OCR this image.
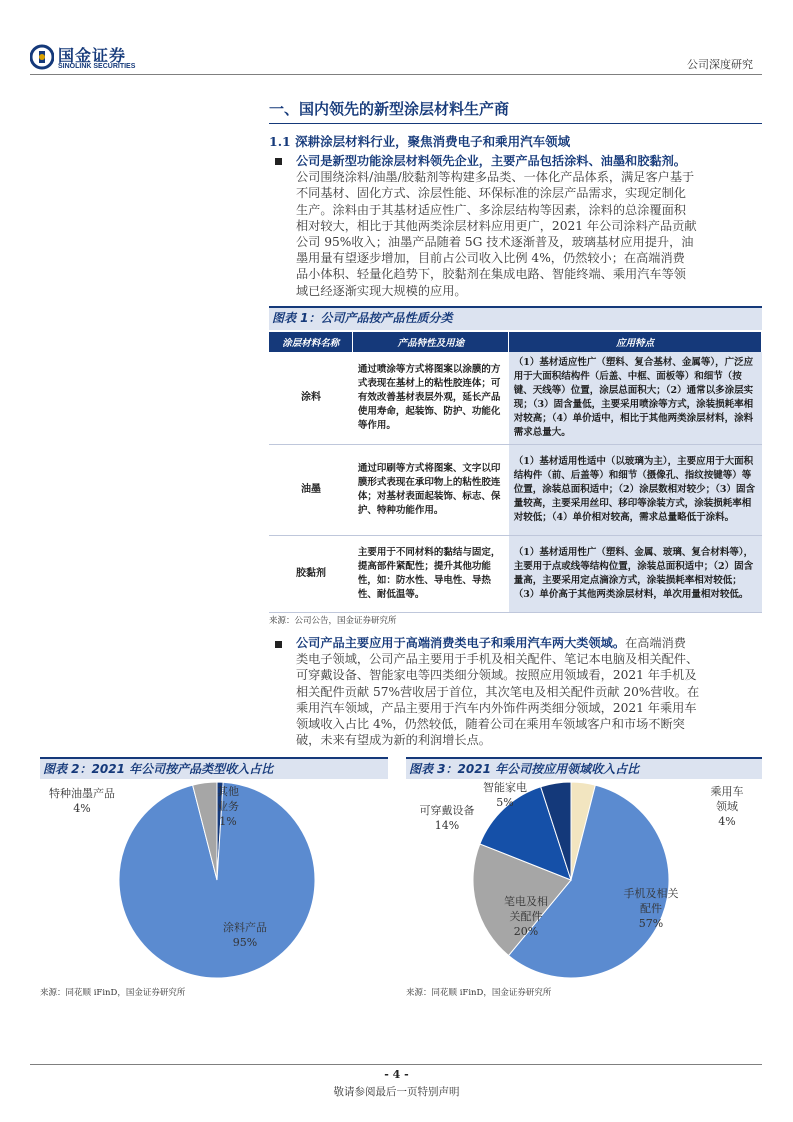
国金证券
SINOLINK SECURITIES	公司深度研究
一、国内领先的新型涂层材料生产商
1.1 深耕涂层材料行业，聚焦消费电子和乘用汽车领域
公司是新型功能涂层材料领先企业，主要产品包括涂料、油墨和胶黏剂。
公司围绕涂料/油墨/胶黏剂等构建多品类、一体化产品体系，满足客户基于
不同基材、固化方式、涂层性能、环保标准的涂层产品需求，实现定制化
生产。涂料由于其基材适应性广、多涂层结构等因素，涂料的总涂覆面积
相对较大，相比于其他两类涂层材料应用更广，2021 年公司涂料产品贡献
公司 95%收入；油墨产品随着 5G 技术逐渐普及，玻璃基材应用提升，油
墨用量有望逐步增加，目前占公司收入比例 4%，仍然较小；在高端消费
品小体积、轻量化趋势下，胶黏剂在集成电路、智能终端、乘用汽车等领
域已经逐渐实现大规模的应用。
图表 1：公司产品按产品性质分类
涂层材料名称	产品特性及用途	应用特点
涂料	通过喷涂等方式将图案以涂膜的方式表现在基材上的粘性胶连体；可有效改善基材表层外观，延长产品使用寿命，起装饰、防护、功能化等作用。	（1）基材适应性广（塑料、复合基材、金属等），广泛应用于大面积结构件（后盖、中框、面板等）和细节（按键、天线等）位置，涂层总面积大；（2）通常以多涂层实现；（3）固含量低，主要采用喷涂等方式，涂装损耗率相对较高；（4）单价适中，相比于其他两类涂层材料，涂料需求总量大。
油墨	通过印刷等方式将图案、文字以印膜形式表现在承印物上的粘性胶连体；对基材表面起装饰、标志、保护、特种功能作用。	（1）基材适用性适中（以玻璃为主），主要应用于大面积结构件（前、后盖等）和细节（摄像孔、指纹按键等）等位置，涂装总面积适中；（2）涂层数相对较少；（3）固含量较高，主要采用丝印、移印等涂装方式，涂装损耗率相对较低；（4）单价相对较高，需求总量略低于涂料。
胶黏剂	主要用于不同材料的黏结与固定，提高部件紧配性；提升其他功能性，如：防水性、导电性、导热性、耐低温等。	（1）基材适用性广（塑料、金属、玻璃、复合材料等），主要用于点或线等结构位置，涂装总面积适中；（2）固含量高，主要采用定点滴涂方式，涂装损耗率相对较低；（3）单价高于其他两类涂层材料，单次用量相对较低。
来源：公司公告，国金证券研究所
公司产品主要应用于高端消费类电子和乘用汽车两大类领域。在高端消费
类电子领域，公司产品主要用于手机及相关配件、笔记本电脑及相关配件、
可穿戴设备、智能家电等四类细分领域。按照应用领域看，2021 年手机及
相关配件贡献 57%营收居于首位，其次笔电及相关配件贡献 20%营收。在
乘用汽车领域，产品主要用于汽车内外饰件两类细分领域，2021 年乘用车
领域收入占比 4%，仍然较低，随着公司在乘用车领域客户和市场不断突
破，未来有望成为新的利润增长点。
图表 2：2021 年公司按产品类型收入占比
特种油墨产品
4%
其他业务
1%
涂料产品
95%
来源：同花顺 iFinD，国金证券研究所
图表 3：2021 年公司按应用领域收入占比
乘用车领域
4%
智能家电
5%
可穿戴设备
14%
笔电及相关配件
20%
手机及相关配件
57%
来源：同花顺 iFinD，国金证券研究所
- 4 -
敬请参阅最后一页特别声明
